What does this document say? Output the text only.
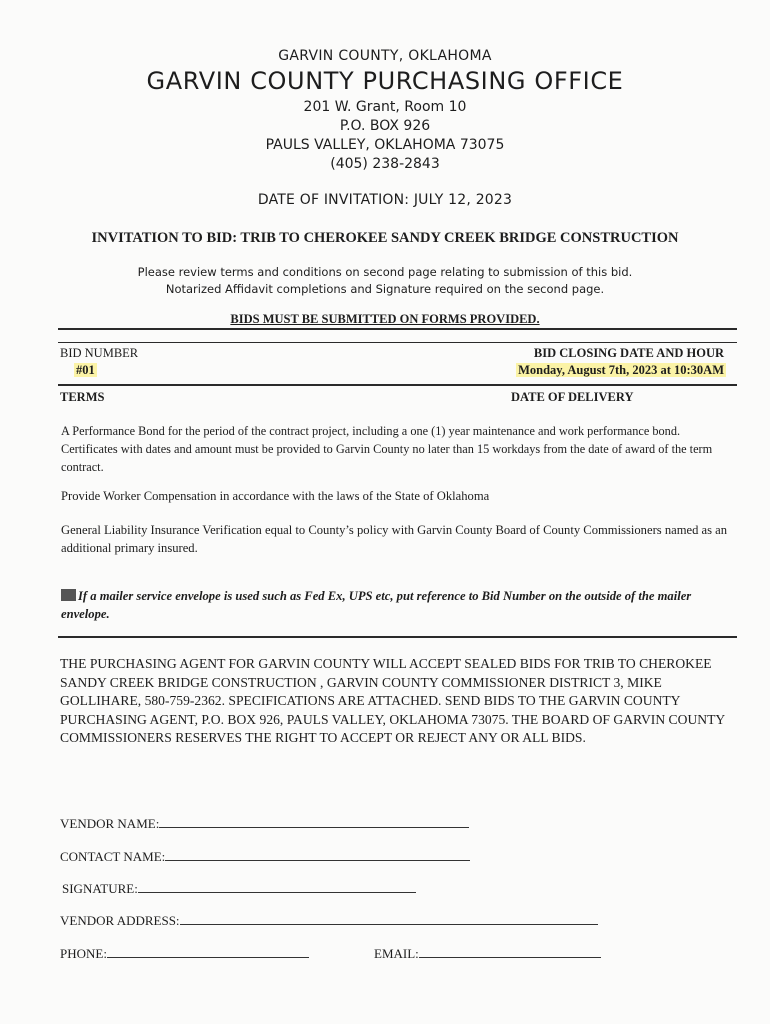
GARVIN COUNTY, OKLAHOMA
GARVIN COUNTY PURCHASING OFFICE
201 W. Grant, Room 10
P.O. BOX 926
PAULS VALLEY, OKLAHOMA 73075
(405) 238-2843
DATE OF INVITATION: JULY 12, 2023
INVITATION TO BID: TRIB TO CHEROKEE SANDY CREEK BRIDGE CONSTRUCTION
Please review terms and conditions on second page relating to submission of this bid.
Notarized Affidavit completions and Signature required on the second page.
BIDS MUST BE SUBMITTED ON FORMS PROVIDED.
BID NUMBER
#01
BID CLOSING DATE AND HOUR
Monday, August 7th, 2023 at 10:30AM
TERMS	DATE OF DELIVERY
A Performance Bond for the period of the contract project, including a one (1) year maintenance and work performance bond. Certificates with dates and amount must be provided to Garvin County no later than 15 workdays from the date of award of the term contract.
Provide Worker Compensation in accordance with the laws of the State of Oklahoma
General Liability Insurance Verification equal to County’s policy with Garvin County Board of County Commissioners named as an additional primary insured.
If a mailer service envelope is used such as Fed Ex, UPS etc, put reference to Bid Number on the outside of the mailer envelope.
THE PURCHASING AGENT FOR GARVIN COUNTY WILL ACCEPT SEALED BIDS FOR TRIB TO CHEROKEE SANDY CREEK BRIDGE CONSTRUCTION , GARVIN COUNTY COMMISSIONER DISTRICT 3, MIKE GOLLIHARE, 580-759-2362. SPECIFICATIONS ARE ATTACHED. SEND BIDS TO THE GARVIN COUNTY PURCHASING AGENT, P.O. BOX 926, PAULS VALLEY, OKLAHOMA 73075. THE BOARD OF GARVIN COUNTY COMMISSIONERS RESERVES THE RIGHT TO ACCEPT OR REJECT ANY OR ALL BIDS.
VENDOR NAME:
CONTACT NAME:
SIGNATURE:
VENDOR ADDRESS:
PHONE:	EMAIL:
